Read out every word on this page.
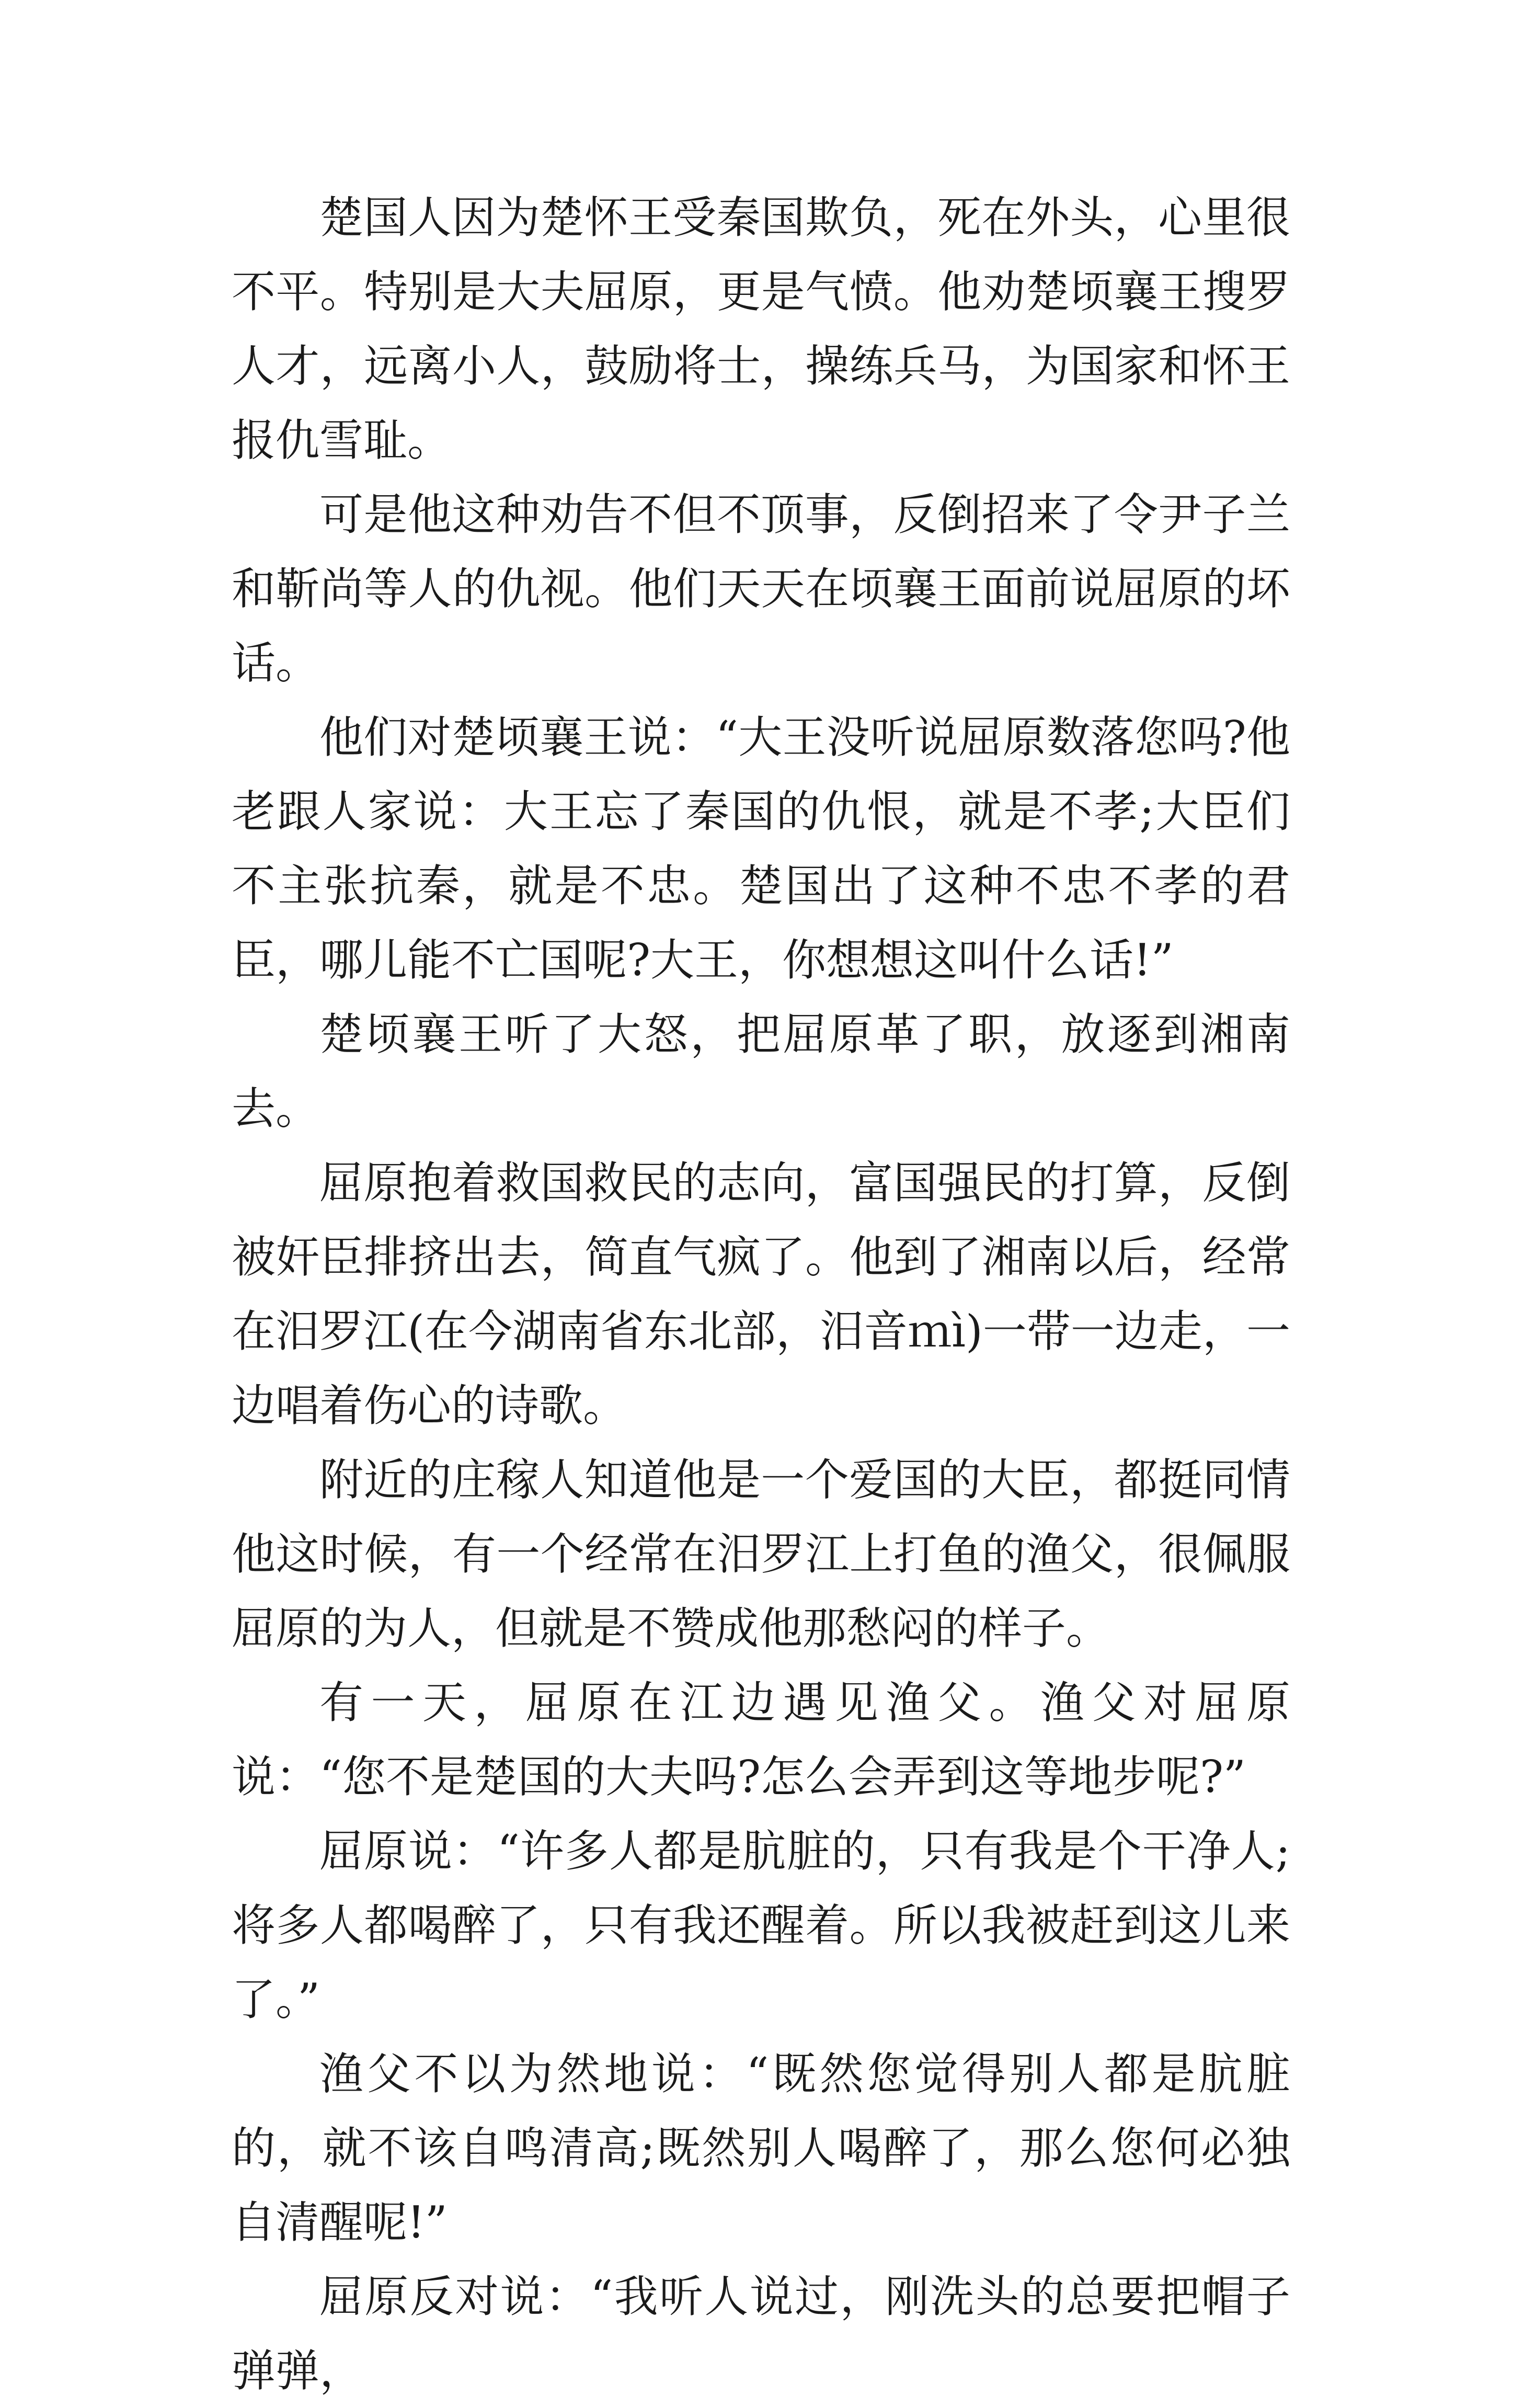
楚国人因为楚怀王受秦国欺负，死在外头，心里很不平。特别是大夫屈原，更是气愤。他劝楚顷襄王搜罗人才，远离小人，鼓励将士，操练兵马，为国家和怀王报仇雪耻。

可是他这种劝告不但不顶事，反倒招来了令尹子兰和靳尚等人的仇视。他们天天在顷襄王面前说屈原的坏话。

他们对楚顷襄王说：“大王没听说屈原数落您吗?他老跟人家说：大王忘了秦国的仇恨，就是不孝;大臣们不主张抗秦，就是不忠。楚国出了这种不忠不孝的君臣，哪儿能不亡国呢?大王，你想想这叫什么话!”

楚顷襄王听了大怒，把屈原革了职，放逐到湘南去。

屈原抱着救国救民的志向，富国强民的打算，反倒被奸臣排挤出去，简直气疯了。他到了湘南以后，经常在汨罗江(在今湖南省东北部，汨音ｍì)一带一边走，一边唱着伤心的诗歌。

附近的庄稼人知道他是一个爱国的大臣，都挺同情他这时候，有一个经常在汨罗江上打鱼的渔父，很佩服屈原的为人，但就是不赞成他那愁闷的样子。

有一天，屈原在江边遇见渔父。渔父对屈原说：“您不是楚国的大夫吗?怎么会弄到这等地步呢?”

屈原说：“许多人都是肮脏的，只有我是个干净人;将多人都喝醉了，只有我还醒着。所以我被赶到这儿来了。”

渔父不以为然地说：“既然您觉得别人都是肮脏的，就不该自鸣清高;既然别人喝醉了，那么您何必独自清醒呢!”

屈原反对说：“我听人说过，刚洗头的总要把帽子弹弹，
